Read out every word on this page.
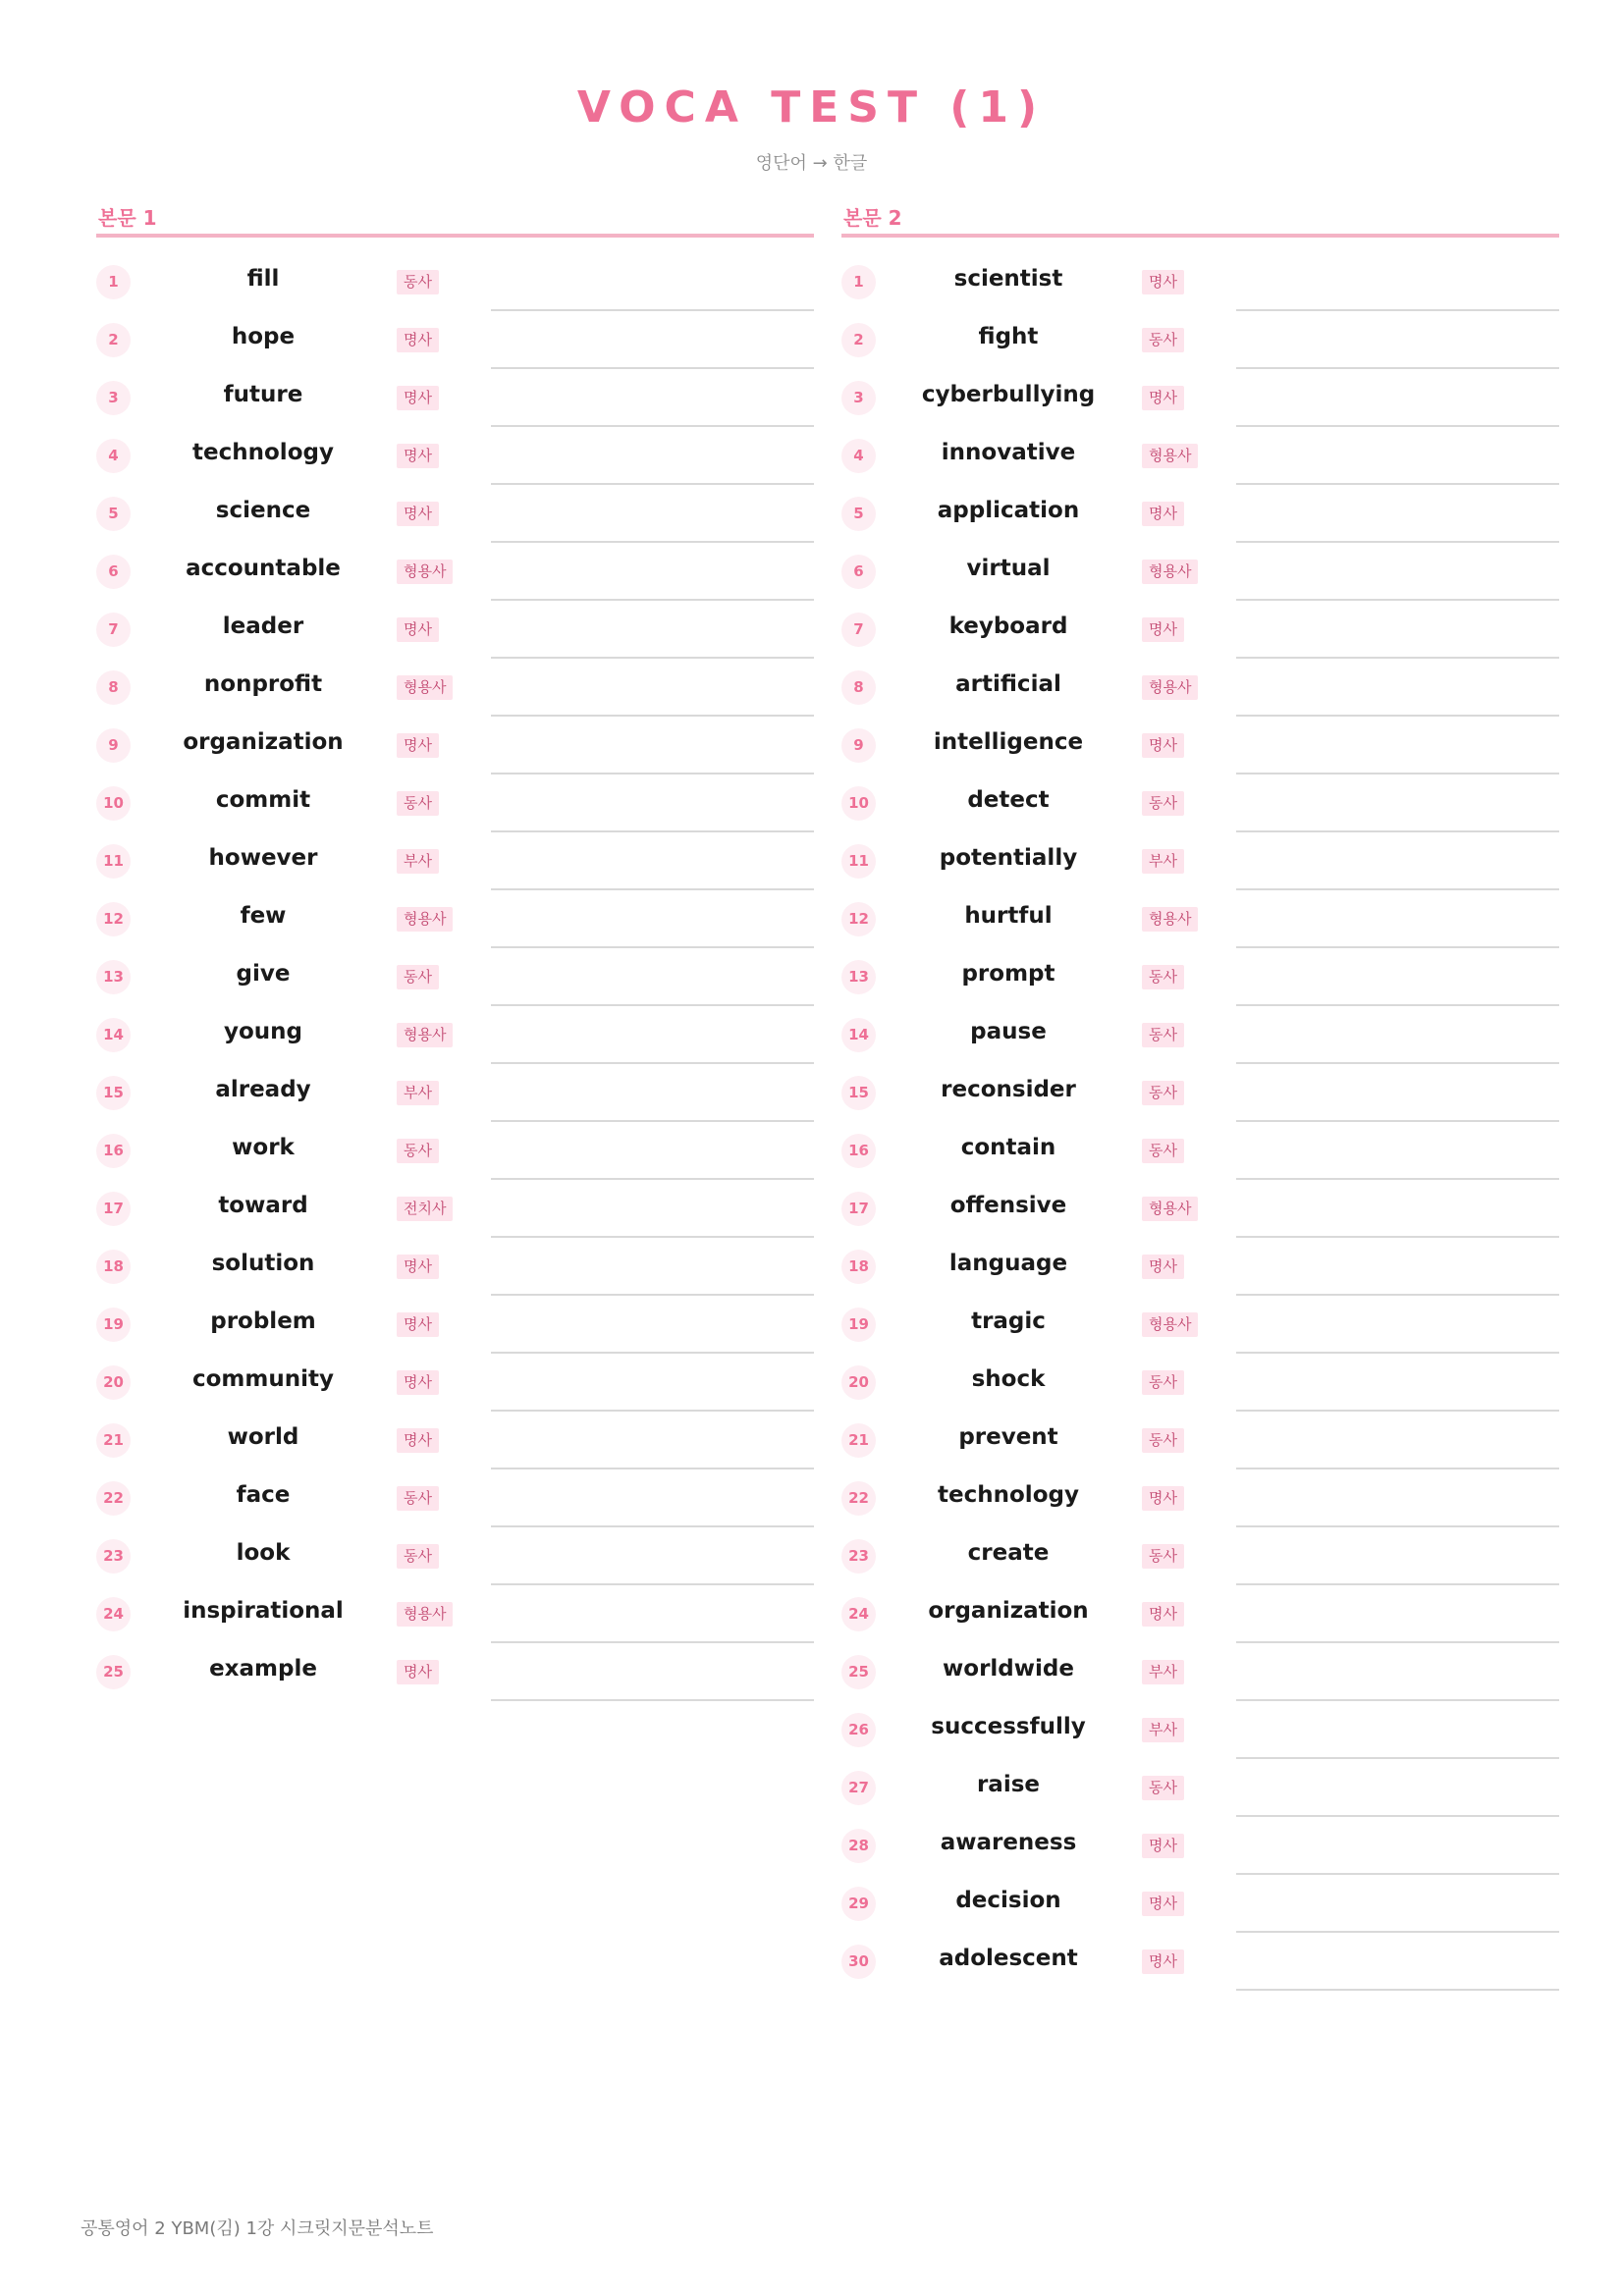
VOCA TEST (1)
영단어 → 한글
본문 1
1	fill	동사
2	hope	명사
3	future	명사
4	technology	명사
5	science	명사
6	accountable	형용사
7	leader	명사
8	nonprofit	형용사
9	organization	명사
10	commit	동사
11	however	부사
12	few	형용사
13	give	동사
14	young	형용사
15	already	부사
16	work	동사
17	toward	전치사
18	solution	명사
19	problem	명사
20	community	명사
21	world	명사
22	face	동사
23	look	동사
24	inspirational	형용사
25	example	명사
본문 2
1	scientist	명사
2	fight	동사
3	cyberbullying	명사
4	innovative	형용사
5	application	명사
6	virtual	형용사
7	keyboard	명사
8	artificial	형용사
9	intelligence	명사
10	detect	동사
11	potentially	부사
12	hurtful	형용사
13	prompt	동사
14	pause	동사
15	reconsider	동사
16	contain	동사
17	offensive	형용사
18	language	명사
19	tragic	형용사
20	shock	동사
21	prevent	동사
22	technology	명사
23	create	동사
24	organization	명사
25	worldwide	부사
26	successfully	부사
27	raise	동사
28	awareness	명사
29	decision	명사
30	adolescent	명사
공통영어 2 YBM(김) 1강 시크릿지문분석노트
